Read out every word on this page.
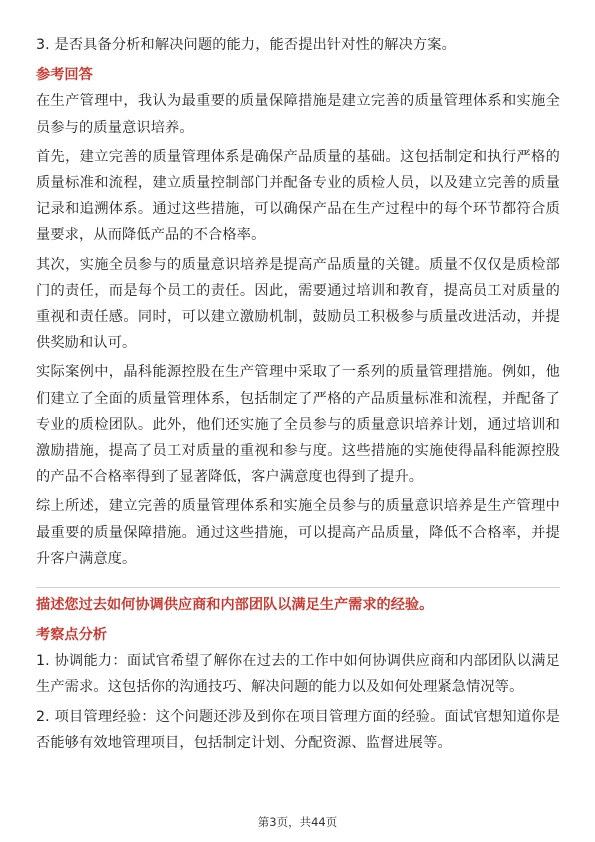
3. 是否具备分析和解决问题的能力，能否提出针对性的解决方案。

参考回答

在生产管理中，我认为最重要的质量保障措施是建立完善的质量管理体系和实施全员参与的质量意识培养。

首先，建立完善的质量管理体系是确保产品质量的基础。这包括制定和执行严格的质量标准和流程，建立质量控制部门并配备专业的质检人员，以及建立完善的质量记录和追溯体系。通过这些措施，可以确保产品在生产过程中的每个环节都符合质量要求，从而降低产品的不合格率。

其次，实施全员参与的质量意识培养是提高产品质量的关键。质量不仅仅是质检部门的责任，而是每个员工的责任。因此，需要通过培训和教育，提高员工对质量的重视和责任感。同时，可以建立激励机制，鼓励员工积极参与质量改进活动，并提供奖励和认可。

实际案例中，晶科能源控股在生产管理中采取了一系列的质量管理措施。例如，他们建立了全面的质量管理体系，包括制定了严格的产品质量标准和流程，并配备了专业的质检团队。此外，他们还实施了全员参与的质量意识培养计划，通过培训和激励措施，提高了员工对质量的重视和参与度。这些措施的实施使得晶科能源控股的产品不合格率得到了显著降低，客户满意度也得到了提升。

综上所述，建立完善的质量管理体系和实施全员参与的质量意识培养是生产管理中最重要的质量保障措施。通过这些措施，可以提高产品质量，降低不合格率，并提升客户满意度。

描述您过去如何协调供应商和内部团队以满足生产需求的经验。
考察点分析

1. 协调能力：面试官希望了解你在过去的工作中如何协调供应商和内部团队以满足生产需求。这包括你的沟通技巧、解决问题的能力以及如何处理紧急情况等。

2. 项目管理经验：这个问题还涉及到你在项目管理方面的经验。面试官想知道你是否能够有效地管理项目，包括制定计划、分配资源、监督进展等。

第3页，共44页
